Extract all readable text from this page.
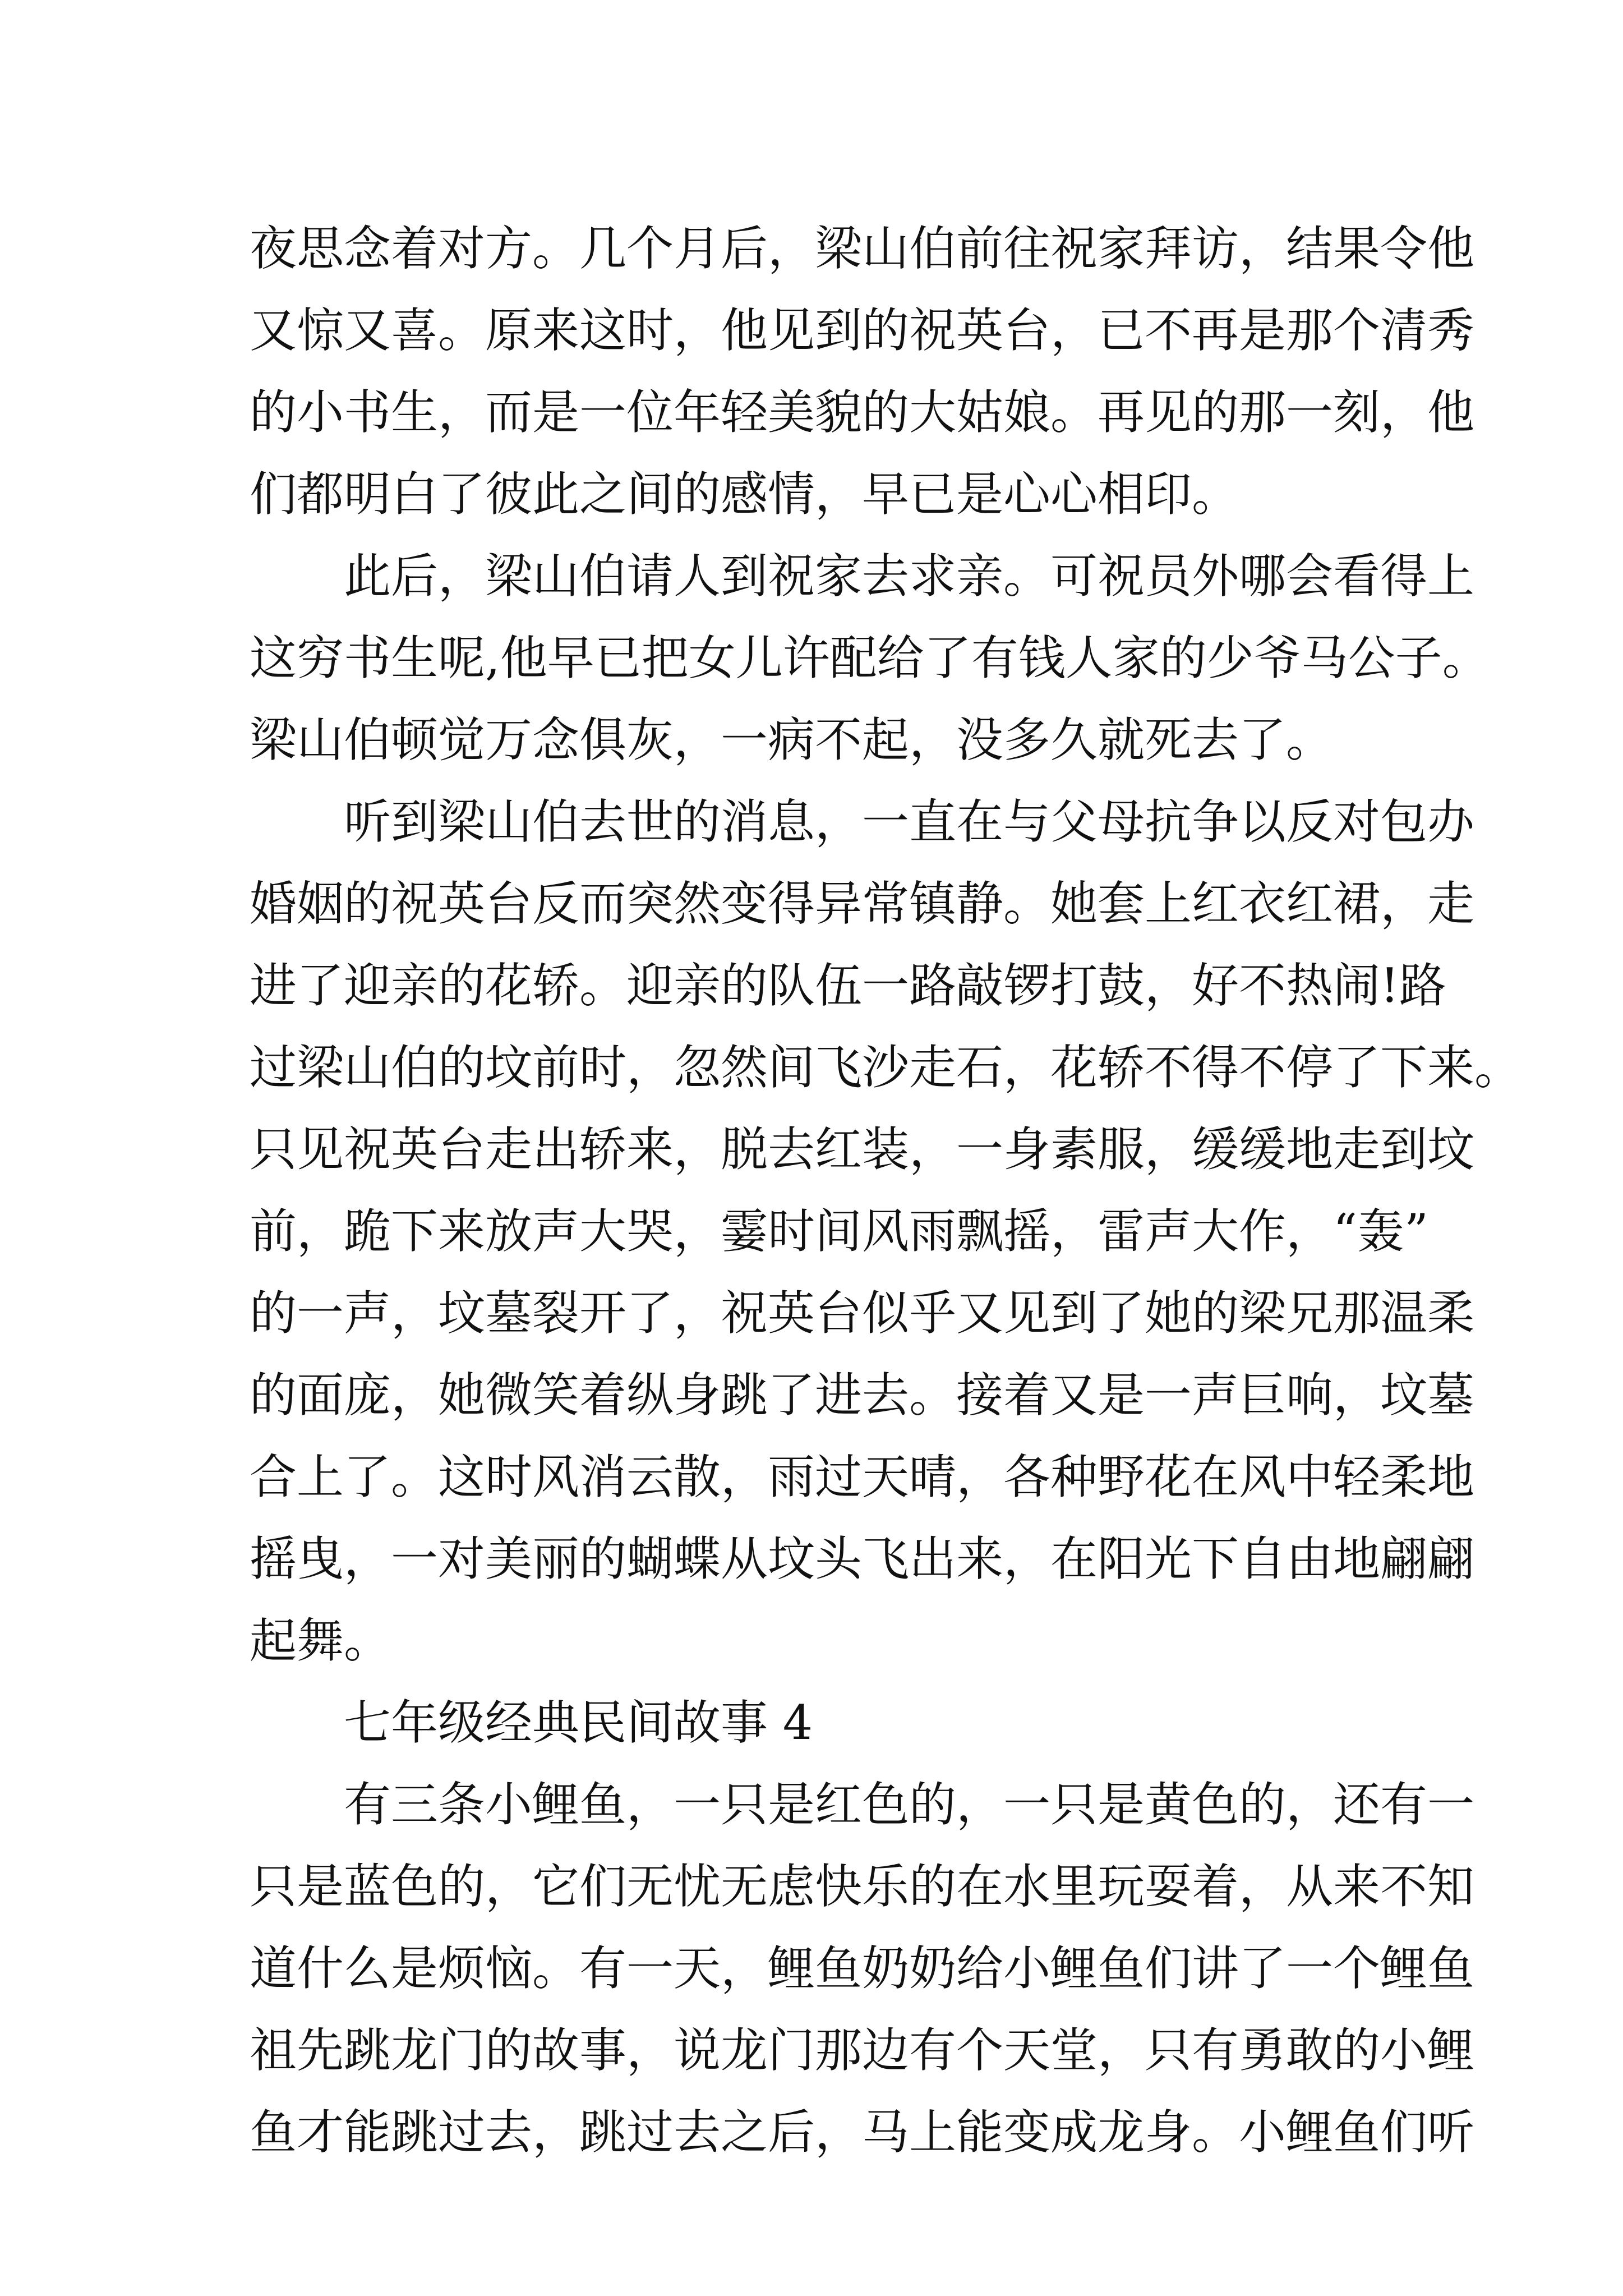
夜思念着对方。几个月后，梁山伯前往祝家拜访，结果令他
又惊又喜。原来这时，他见到的祝英台，已不再是那个清秀
的小书生，而是一位年轻美貌的大姑娘。再见的那一刻，他
们都明白了彼此之间的感情，早已是心心相印。
此后，梁山伯请人到祝家去求亲。可祝员外哪会看得上
这穷书生呢,他早已把女儿许配给了有钱人家的少爷马公子。
梁山伯顿觉万念俱灰，一病不起，没多久就死去了。
听到梁山伯去世的消息，一直在与父母抗争以反对包办
婚姻的祝英台反而突然变得异常镇静。她套上红衣红裙，走
进了迎亲的花轿。迎亲的队伍一路敲锣打鼓，好不热闹!路
过梁山伯的坟前时，忽然间飞沙走石，花轿不得不停了下来。
只见祝英台走出轿来，脱去红装，一身素服，缓缓地走到坟
前，跪下来放声大哭，霎时间风雨飘摇，雷声大作，“轰”
的一声，坟墓裂开了，祝英台似乎又见到了她的梁兄那温柔
的面庞，她微笑着纵身跳了进去。接着又是一声巨响，坟墓
合上了。这时风消云散，雨过天晴，各种野花在风中轻柔地
摇曳，一对美丽的蝴蝶从坟头飞出来，在阳光下自由地翩翩
起舞。
七年级经典民间故事 4
有三条小鲤鱼，一只是红色的，一只是黄色的，还有一
只是蓝色的，它们无忧无虑快乐的在水里玩耍着，从来不知
道什么是烦恼。有一天，鲤鱼奶奶给小鲤鱼们讲了一个鲤鱼
祖先跳龙门的故事，说龙门那边有个天堂，只有勇敢的小鲤
鱼才能跳过去，跳过去之后，马上能变成龙身。小鲤鱼们听
